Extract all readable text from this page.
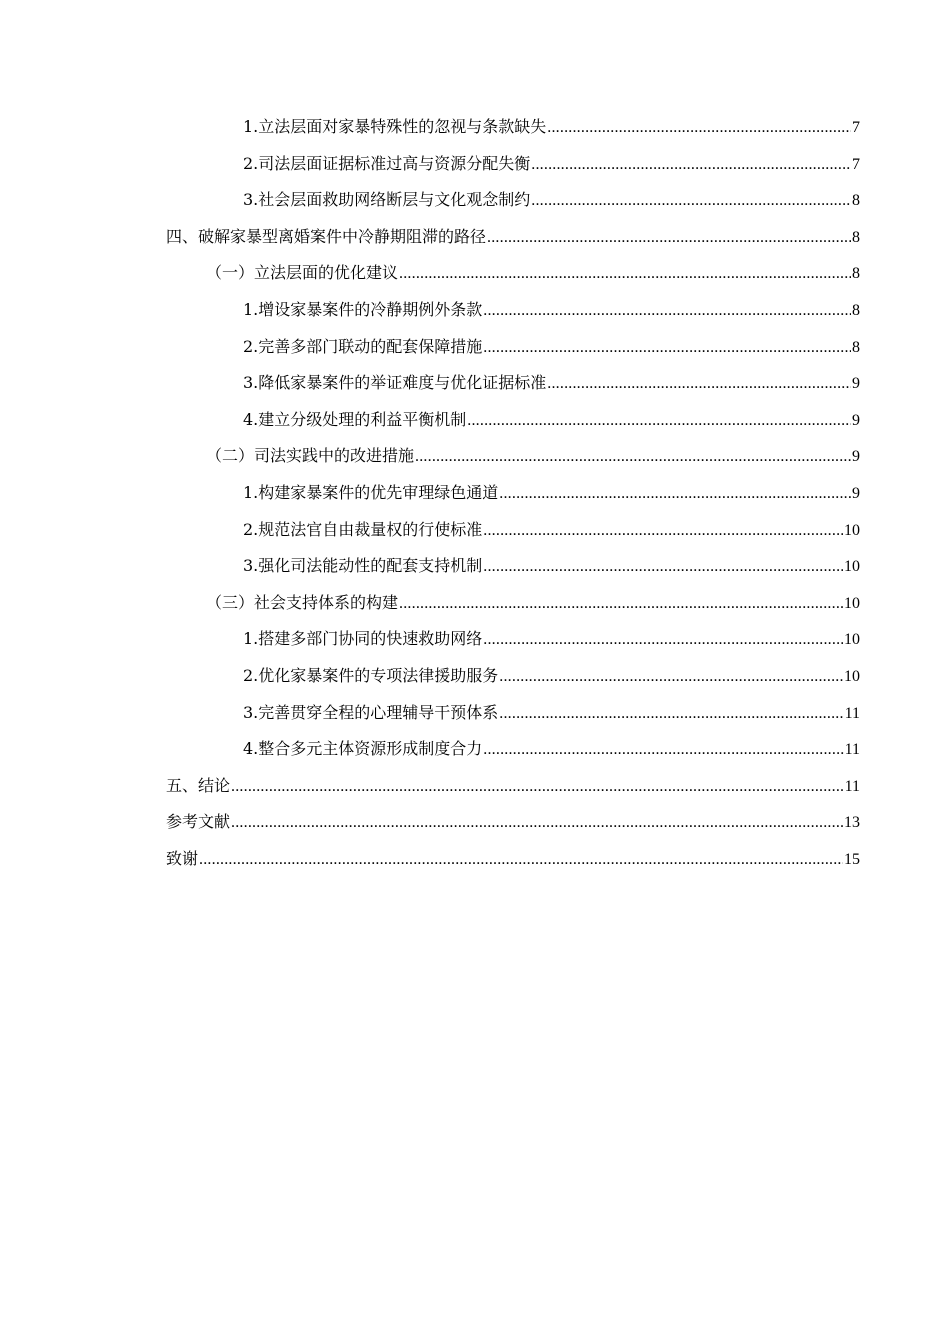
1.立法层面对家暴特殊性的忽视与条款缺失 .....	7
2.司法层面证据标准过高与资源分配失衡 .....	7
3.社会层面救助网络断层与文化观念制约 .....	8
四、破解家暴型离婚案件中冷静期阻滞的路径 .....	8
（一）立法层面的优化建议 .....	8
1.增设家暴案件的冷静期例外条款 .....	8
2.完善多部门联动的配套保障措施 .....	8
3.降低家暴案件的举证难度与优化证据标准 .....	9
4.建立分级处理的利益平衡机制 .....	9
（二）司法实践中的改进措施 .....	9
1.构建家暴案件的优先审理绿色通道 .....	9
2.规范法官自由裁量权的行使标准 .....	10
3.强化司法能动性的配套支持机制 .....	10
（三）社会支持体系的构建 .....	10
1.搭建多部门协同的快速救助网络 .....	10
2.优化家暴案件的专项法律援助服务 .....	10
3.完善贯穿全程的心理辅导干预体系 .....	11
4.整合多元主体资源形成制度合力 .....	11
五、结论 .....	11
参考文献 .....	13
致谢 .....	15
